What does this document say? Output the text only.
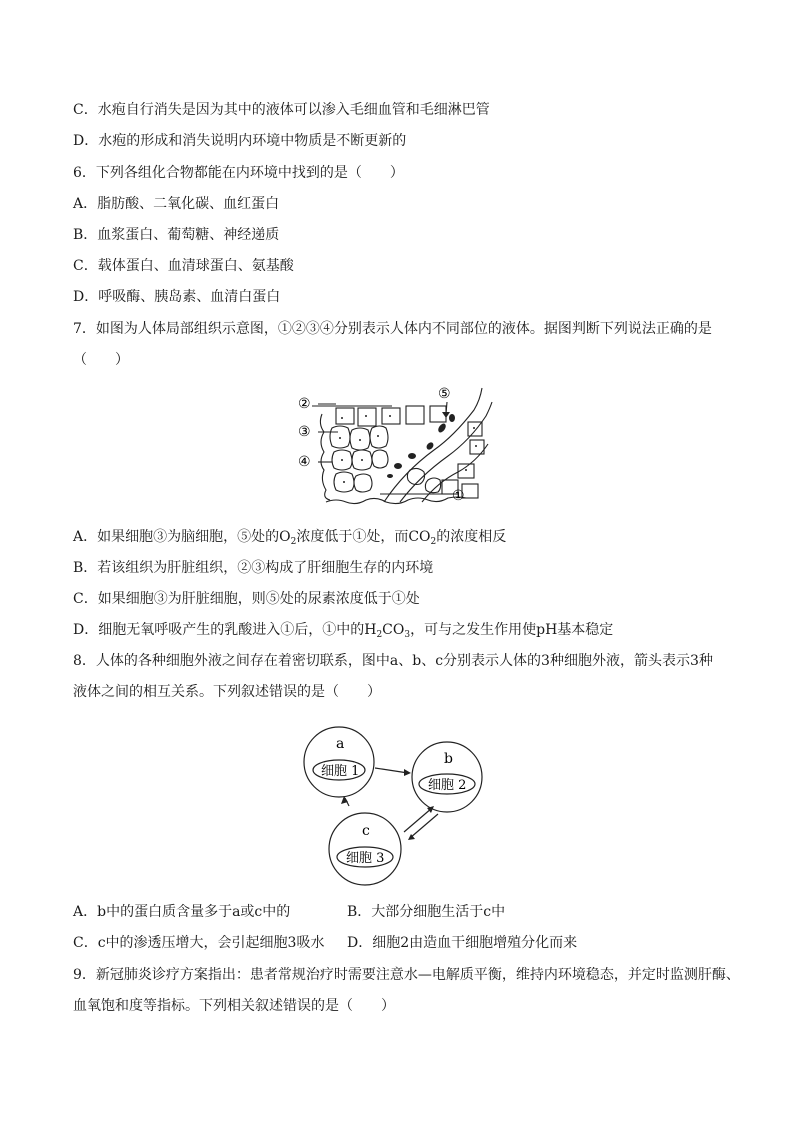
C．水疱自行消失是因为其中的液体可以渗入毛细血管和毛细淋巴管
D．水疱的形成和消失说明内环境中物质是不断更新的
6．下列各组化合物都能在内环境中找到的是（　　）
A．脂肪酸、二氧化碳、血红蛋白
B．血浆蛋白、葡萄糖、神经递质
C．载体蛋白、血清球蛋白、氨基酸
D．呼吸酶、胰岛素、血清白蛋白
7．如图为人体局部组织示意图，①②③④分别表示人体内不同部位的液体。据图判断下列说法正确的是
（　　）
②
③
④
⑤
①
A．如果细胞③为脑细胞，⑤处的$O_2$浓度低于①处，而$CO_2$的浓度相反
B．若该组织为肝脏组织，②③构成了肝细胞生存的内环境
C．如果细胞③为肝脏细胞，则⑤处的尿素浓度低于①处
D．细胞无氧呼吸产生的乳酸进入①后，①中的$H_2CO_3$，可与之发生作用使pH基本稳定
8．人体的各种细胞外液之间存在着密切联系，图中a、b、c分别表示人体的3种细胞外液，箭头表示3种
液体之间的相互关系。下列叙述错误的是（　　）
a
细胞 1
b
细胞 2
c
细胞 3
A．b中的蛋白质含量多于a或c中的	B．大部分细胞生活于c中
C．c中的渗透压增大，会引起细胞3吸水 D．细胞2由造血干细胞增殖分化而来
9．新冠肺炎诊疗方案指出：患者常规治疗时需要注意水—电解质平衡，维持内环境稳态，并定时监测肝酶、
血氧饱和度等指标。下列相关叙述错误的是（　　）
